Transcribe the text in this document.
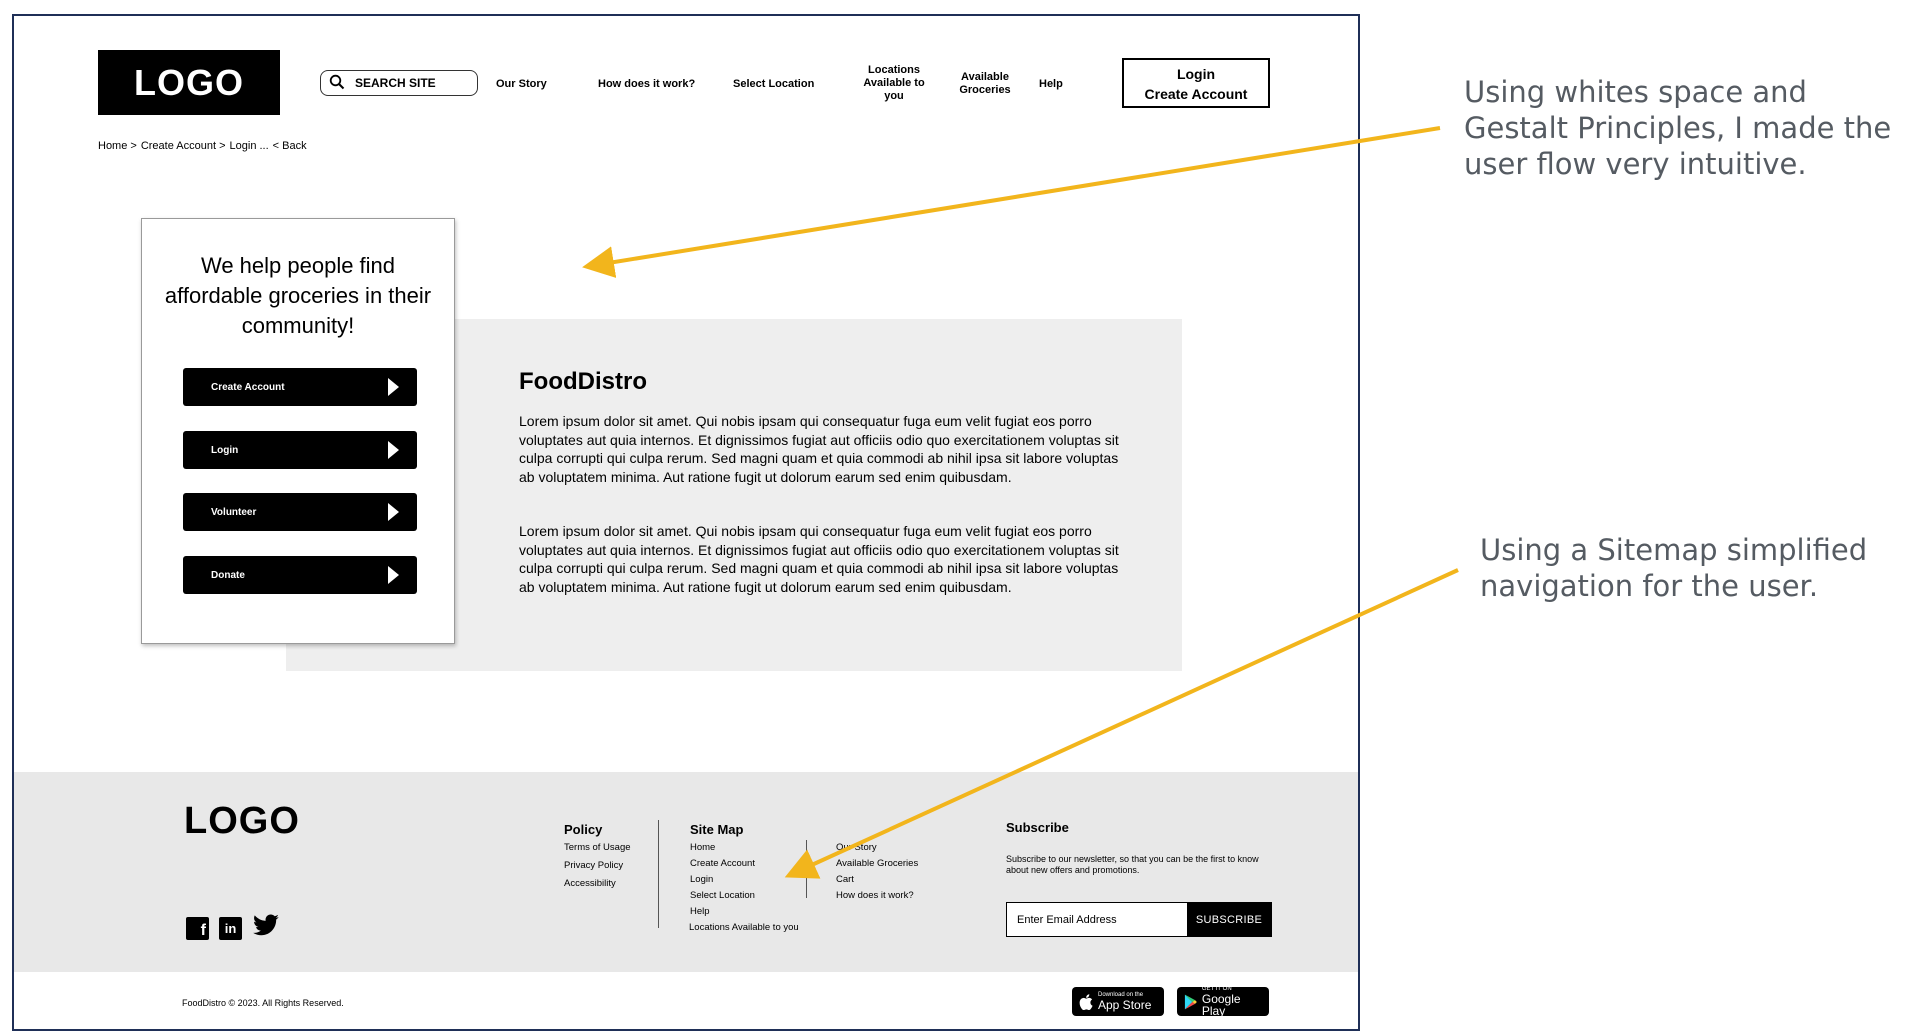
LOGO	SEARCH SITE	Our Story	How does it work?	Select Location
Locations Available to you
Available Groceries	Help
Login
Create Account
Home > Create Account > Login ... < Back
We help people find affordable groceries in their community!
Create Account
Login
Volunteer
Donate
FoodDistro
Lorem ipsum dolor sit amet. Qui nobis ipsam qui consequatur fuga eum velit fugiat eos porro voluptates aut quia internos. Et dignissimos fugiat aut officiis odio quo exercitationem voluptas sit culpa corrupti qui culpa rerum. Sed magni quam et quia commodi ab nihil ipsa sit labore voluptas ab voluptatem minima. Aut ratione fugit ut dolorum earum sed enim quibusdam.
Lorem ipsum dolor sit amet. Qui nobis ipsam qui consequatur fuga eum velit fugiat eos porro voluptates aut quia internos. Et dignissimos fugiat aut officiis odio quo exercitationem voluptas sit culpa corrupti qui culpa rerum. Sed magni quam et quia commodi ab nihil ipsa sit labore voluptas ab voluptatem minima. Aut ratione fugit ut dolorum earum sed enim quibusdam.
LOGO
f	in
Policy
Terms of Usage
Privacy Policy
Accessibility
Site Map
Home
Create Account
Login
Select Location
Help
Locations Available to you
Our Story
Available Groceries
Cart
How does it work?
Subscribe
Subscribe to our newsletter, so that you can be the first to know about new offers and promotions.
Enter Email Address	SUBSCRIBE
FoodDistro © 2023. All Rights Reserved.
Download on the
App Store
GET IT ON
Google Play
Using whites space and Gestalt Principles, I made the user flow very intuitive.
Using a Sitemap simplified navigation for the user.
